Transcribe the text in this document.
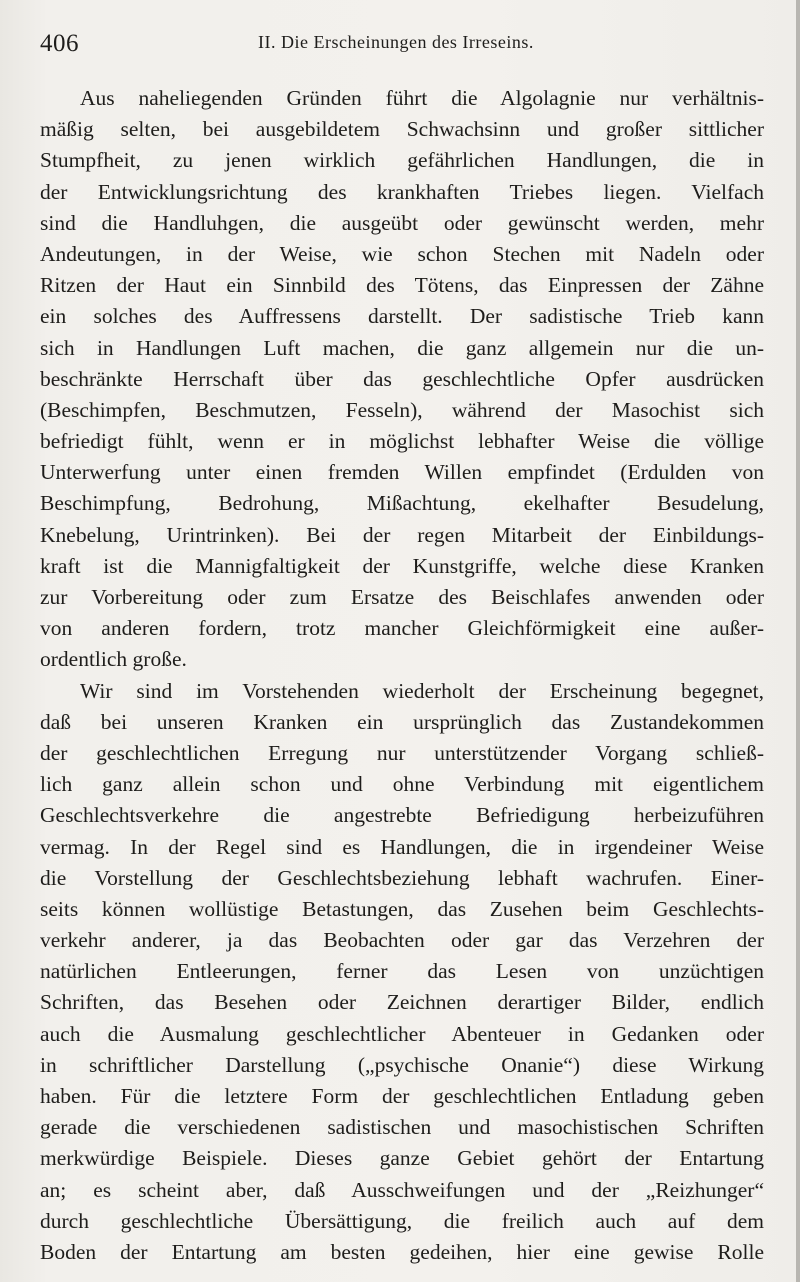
406	II. Die Erscheinungen des Irreseins.
Aus naheliegenden Gründen führt die Algolagnie nur verhältnis-
mäßig selten, bei ausgebildetem Schwachsinn und großer sittlicher
Stumpfheit, zu jenen wirklich gefährlichen Handlungen, die in
der Entwicklungsrichtung des krankhaften Triebes liegen. Vielfach
sind die Handluhgen, die ausgeübt oder gewünscht werden, mehr
Andeutungen, in der Weise, wie schon Stechen mit Nadeln oder
Ritzen der Haut ein Sinnbild des Tötens, das Einpressen der Zähne
ein solches des Auffressens darstellt. Der sadistische Trieb kann
sich in Handlungen Luft machen, die ganz allgemein nur die un-
beschränkte Herrschaft über das geschlechtliche Opfer ausdrücken
(Beschimpfen, Beschmutzen, Fesseln), während der Masochist sich
befriedigt fühlt, wenn er in möglichst lebhafter Weise die völlige
Unterwerfung unter einen fremden Willen empfindet (Erdulden von
Beschimpfung, Bedrohung, Mißachtung, ekelhafter Besudelung,
Knebelung, Urintrinken). Bei der regen Mitarbeit der Einbildungs-
kraft ist die Mannigfaltigkeit der Kunstgriffe, welche diese Kranken
zur Vorbereitung oder zum Ersatze des Beischlafes anwenden oder
von anderen fordern, trotz mancher Gleichförmigkeit eine außer-
ordentlich große.
Wir sind im Vorstehenden wiederholt der Erscheinung begegnet,
daß bei unseren Kranken ein ursprünglich das Zustandekommen
der geschlechtlichen Erregung nur unterstützender Vorgang schließ-
lich ganz allein schon und ohne Verbindung mit eigentlichem
Geschlechtsverkehre die angestrebte Befriedigung herbeizuführen
vermag. In der Regel sind es Handlungen, die in irgendeiner Weise
die Vorstellung der Geschlechtsbeziehung lebhaft wachrufen. Einer-
seits können wollüstige Betastungen, das Zusehen beim Geschlechts-
verkehr anderer, ja das Beobachten oder gar das Verzehren der
natürlichen Entleerungen, ferner das Lesen von unzüchtigen
Schriften, das Besehen oder Zeichnen derartiger Bilder, endlich
auch die Ausmalung geschlechtlicher Abenteuer in Gedanken oder
in schriftlicher Darstellung („psychische Onanie“) diese Wirkung
haben. Für die letztere Form der geschlechtlichen Entladung geben
gerade die verschiedenen sadistischen und masochistischen Schriften
merkwürdige Beispiele. Dieses ganze Gebiet gehört der Entartung
an; es scheint aber, daß Ausschweifungen und der „Reizhunger“
durch geschlechtliche Übersättigung, die freilich auch auf dem
Boden der Entartung am besten gedeihen, hier eine gewise Rolle
